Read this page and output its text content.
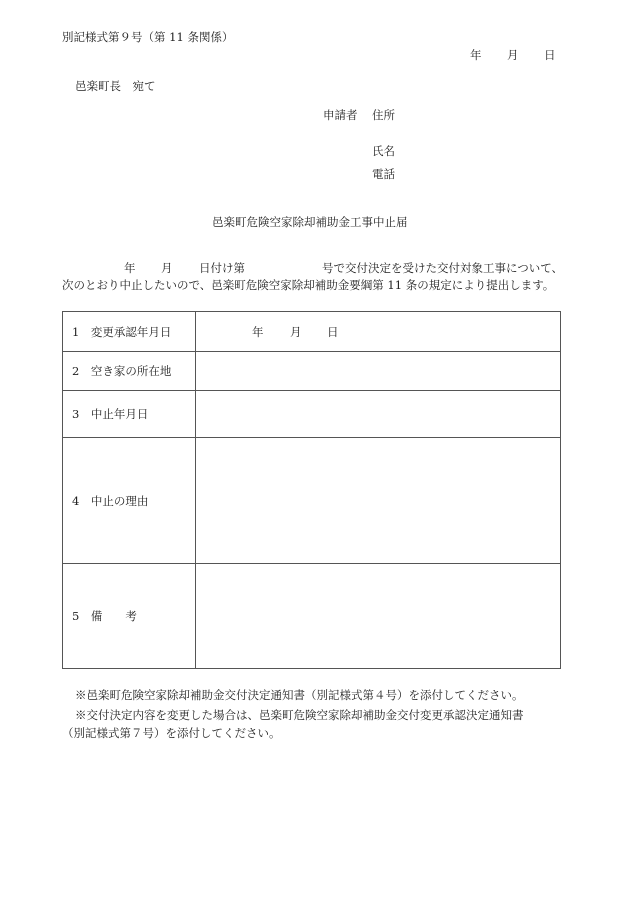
別記様式第９号（第 11 条関係）
年 月 日
邑楽町長　宛て
申請者 住所
氏名
電話
邑楽町危険空家除却補助金工事中止届
年 月 日付け第	号で交付決定を受けた交付対象工事について、
次のとおり中止したいので、邑楽町危険空家除却補助金要綱第 11 条の規定により提出します。
1　変更承認年月日	年 月 日

2　空き家の所在地	
3　中止年月日	
4　中止の理由	
5　備　　考	
※邑楽町危険空家除却補助金交付決定通知書（別記様式第４号）を添付してください。
※交付決定内容を変更した場合は、邑楽町危険空家除却補助金交付変更承認決定通知書
（別記様式第７号）を添付してください。
